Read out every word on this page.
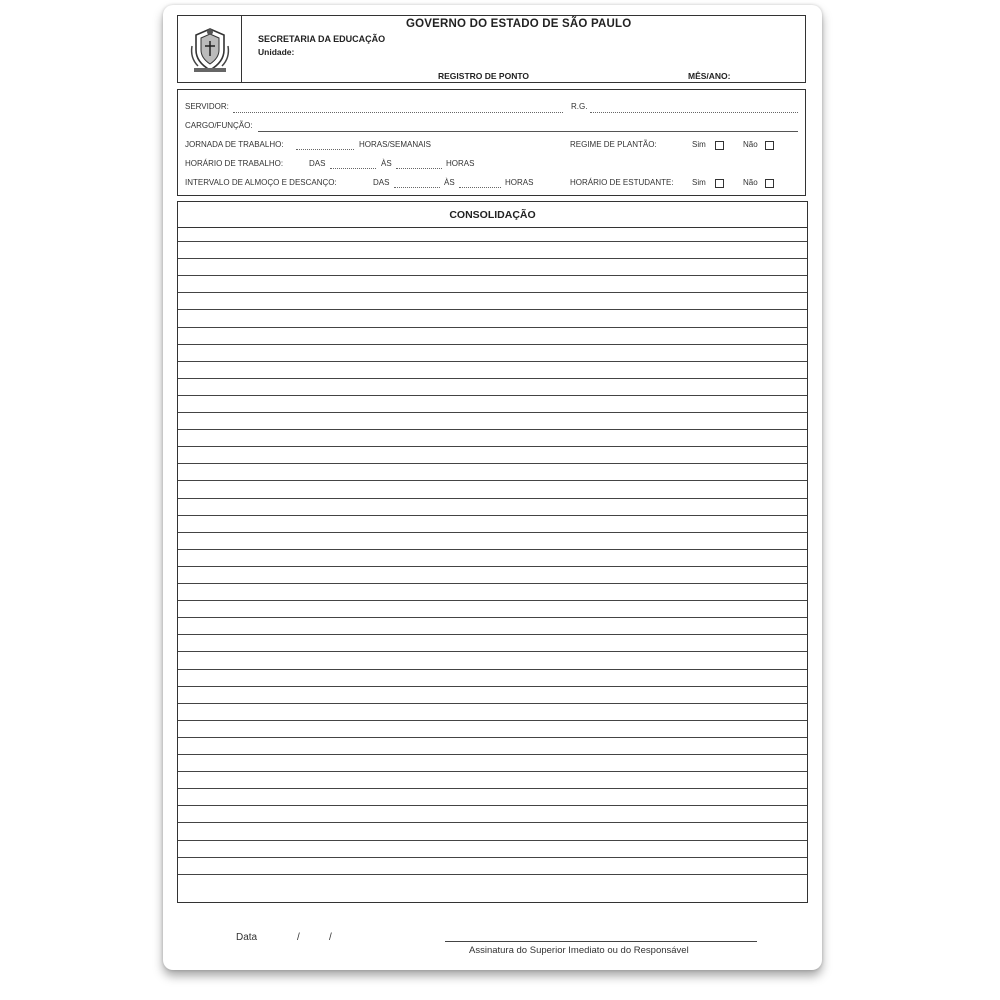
GOVERNO DO ESTADO DE SÃO PAULO
SECRETARIA DA EDUCAÇÃO
Unidade:
REGISTRO DE PONTO	MÊS/ANO:
SERVIDOR:	R.G.
CARGO/FUNÇÃO:
JORNADA DE TRABALHO:	HORAS/SEMANAIS	REGIME DE PLANTÃO:	Sim	Não
HORÁRIO DE TRABALHO:	DAS	ÀS	HORAS
INTERVALO DE ALMOÇO E DESCANÇO:	DAS	ÀS	HORAS	HORÁRIO DE ESTUDANTE: Sim	Não
CONSOLIDAÇÃO
Data	/	/
Assinatura do Superior Imediato ou do Responsável
